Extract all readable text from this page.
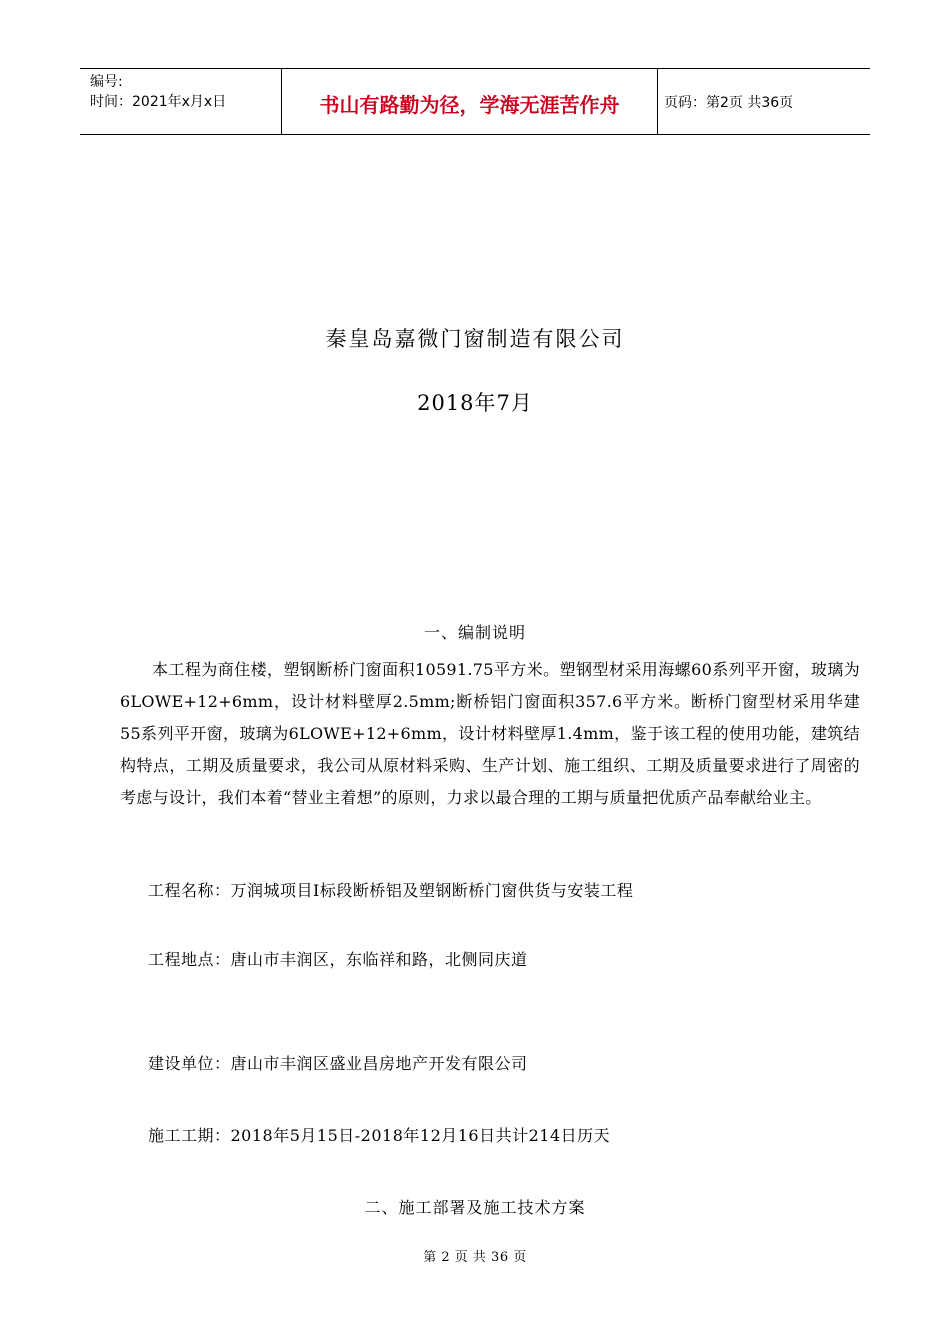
编号:
时间：2021年x月x日	书山有路勤为径，学海无涯苦作舟	页码：第2页 共36页
秦皇岛嘉微门窗制造有限公司
2018年7月
一、编制说明

本工程为商住楼，塑钢断桥门窗面积10591.75平方米。塑钢型材采用海螺60系列平开窗，玻璃为6LOWE+12+6mm，设计材料壁厚2.5mm;断桥铝门窗面积357.6平方米。断桥门窗型材采用华建55系列平开窗，玻璃为6LOWE+12+6mm，设计材料壁厚1.4mm，鉴于该工程的使用功能，建筑结构特点，工期及质量要求，我公司从原材料采购、生产计划、施工组织、工期及质量要求进行了周密的考虑与设计，我们本着“替业主着想”的原则，力求以最合理的工期与质量把优质产品奉献给业主。

工程名称：万润城项目I标段断桥铝及塑钢断桥门窗供货与安装工程
工程地点：唐山市丰润区，东临祥和路，北侧同庆道
建设单位：唐山市丰润区盛业昌房地产开发有限公司
施工工期：2018年5月15日-2018年12月16日共计214日历天
二、施工部署及施工技术方案
第 2 页 共 36 页
